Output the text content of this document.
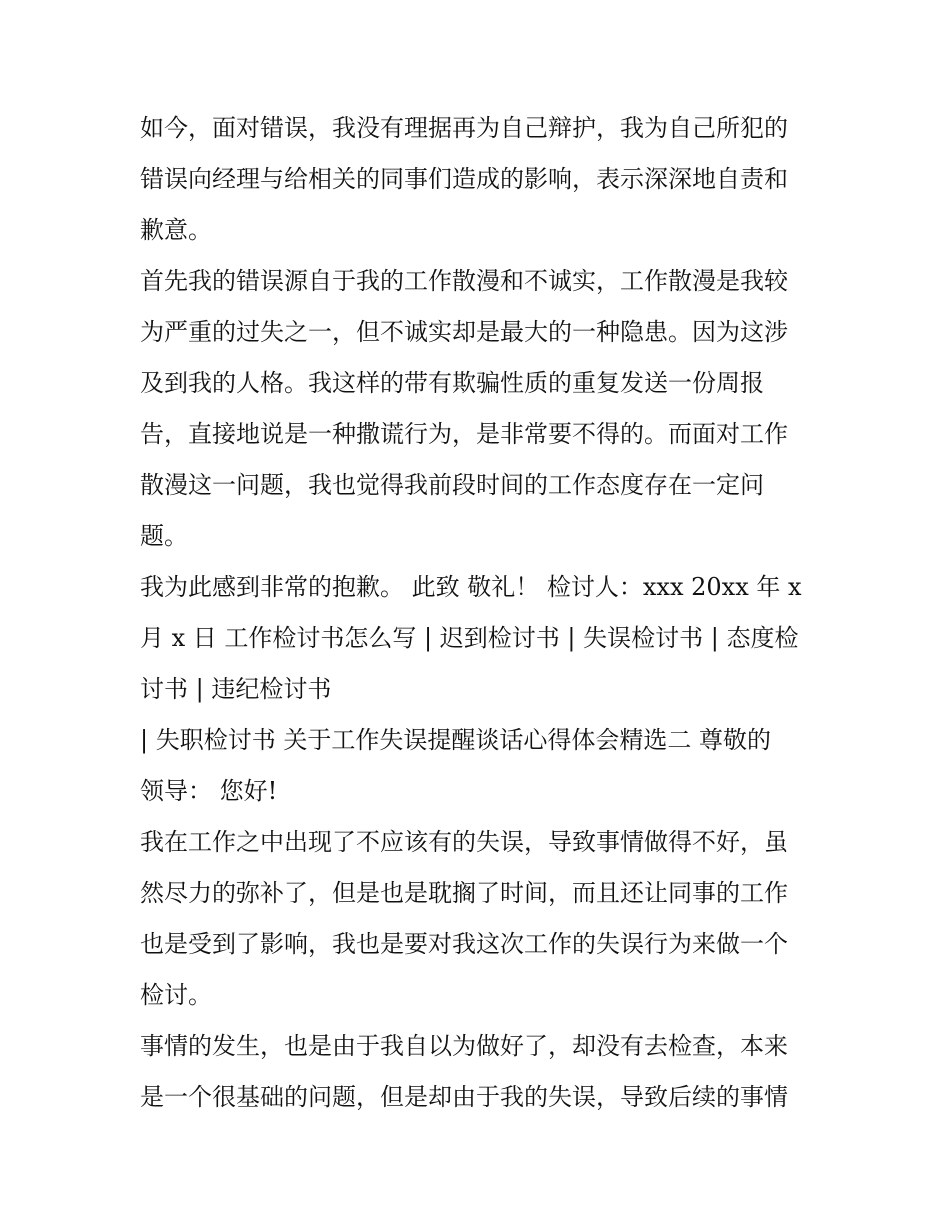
如今，面对错误，我没有理据再为自己辩护，我为自己所犯的
错误向经理与给相关的同事们造成的影响，表示深深地自责和
歉意。
首先我的错误源自于我的工作散漫和不诚实，工作散漫是我较
为严重的过失之一，但不诚实却是最大的一种隐患。因为这涉
及到我的人格。我这样的带有欺骗性质的重复发送一份周报
告，直接地说是一种撒谎行为，是非常要不得的。而面对工作
散漫这一问题，我也觉得我前段时间的工作态度存在一定问
题。
我为此感到非常的抱歉。 此致 敬礼！ 检讨人：xxx 20xx 年 x
月 x 日 工作检讨书怎么写 | 迟到检讨书 | 失误检讨书 | 态度检
讨书 | 违纪检讨书
| 失职检讨书 关于工作失误提醒谈话心得体会精选二 尊敬的
领导： 您好!
我在工作之中出现了不应该有的失误，导致事情做得不好，虽
然尽力的弥补了，但是也是耽搁了时间，而且还让同事的工作
也是受到了影响，我也是要对我这次工作的失误行为来做一个
检讨。
事情的发生，也是由于我自以为做好了，却没有去检查，本来
是一个很基础的问题，但是却由于我的失误，导致后续的事情
